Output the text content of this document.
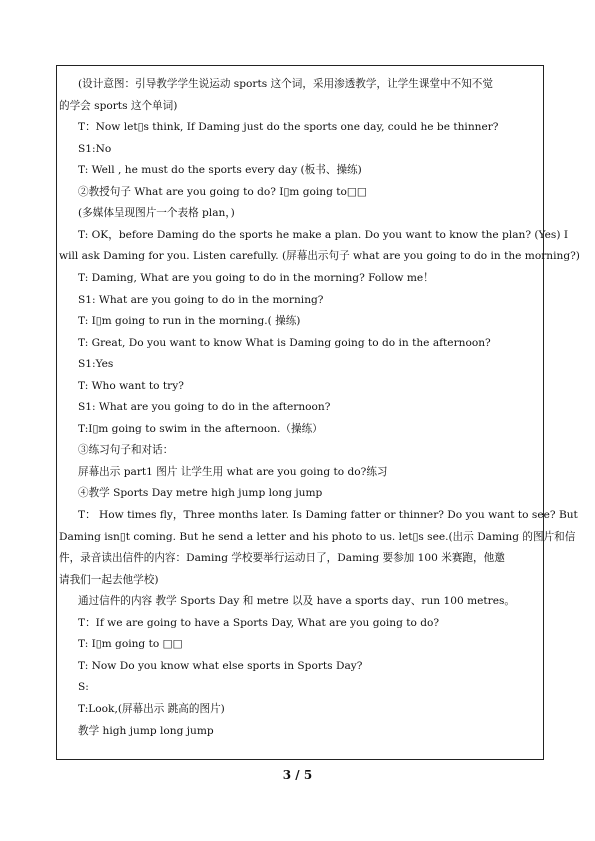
(设计意图：引导教学学生说运动 sports 这个词，采用渗透教学，让学生课堂中不知不觉
的学会 sports 这个单词)
T：Now let▯s think, If Daming just do the sports one day, could he be thinner?
S1:No
T: Well , he must do the sports every day (板书、操练)
②教授句子 What are you going to do? I▯m going to□□
(多媒体呈现图片一个表格 plan，)
T: OK，before Daming do the sports he make a plan. Do you want to know the plan? (Yes) I
will ask Daming for you. Listen carefully. (屏幕出示句子 what are you going to do in the morning?)
T: Daming, What are you going to do in the morning? Follow me！
S1: What are you going to do in the morning?
T: I▯m going to run in the morning.( 操练)
T: Great, Do you want to know What is Daming going to do in the afternoon?
S1:Yes
T: Who want to try?
S1: What are you going to do in the afternoon?
T:I▯m going to swim in the afternoon.（操练）
③练习句子和对话：
屏幕出示 part1 图片 让学生用 what are you going to do?练习
④教学 Sports Day metre high jump long jump
T： How times fly，Three months later. Is Daming fatter or thinner? Do you want to see? But
Daming isn▯t coming. But he send a letter and his photo to us. let▯s see.(出示 Daming 的图片和信
件，录音读出信件的内容：Daming 学校要举行运动日了，Daming 要参加 100 米赛跑，他邀
请我们一起去他学校)
通过信件的内容 教学 Sports Day 和 metre 以及 have a sports day、run 100 metres。
T：If we are going to have a Sports Day, What are you going to do?
T: I▯m going to □□
T: Now Do you know what else sports in Sports Day?
S:
T:Look,(屏幕出示 跳高的图片)
教学 high jump long jump
3 / 5
